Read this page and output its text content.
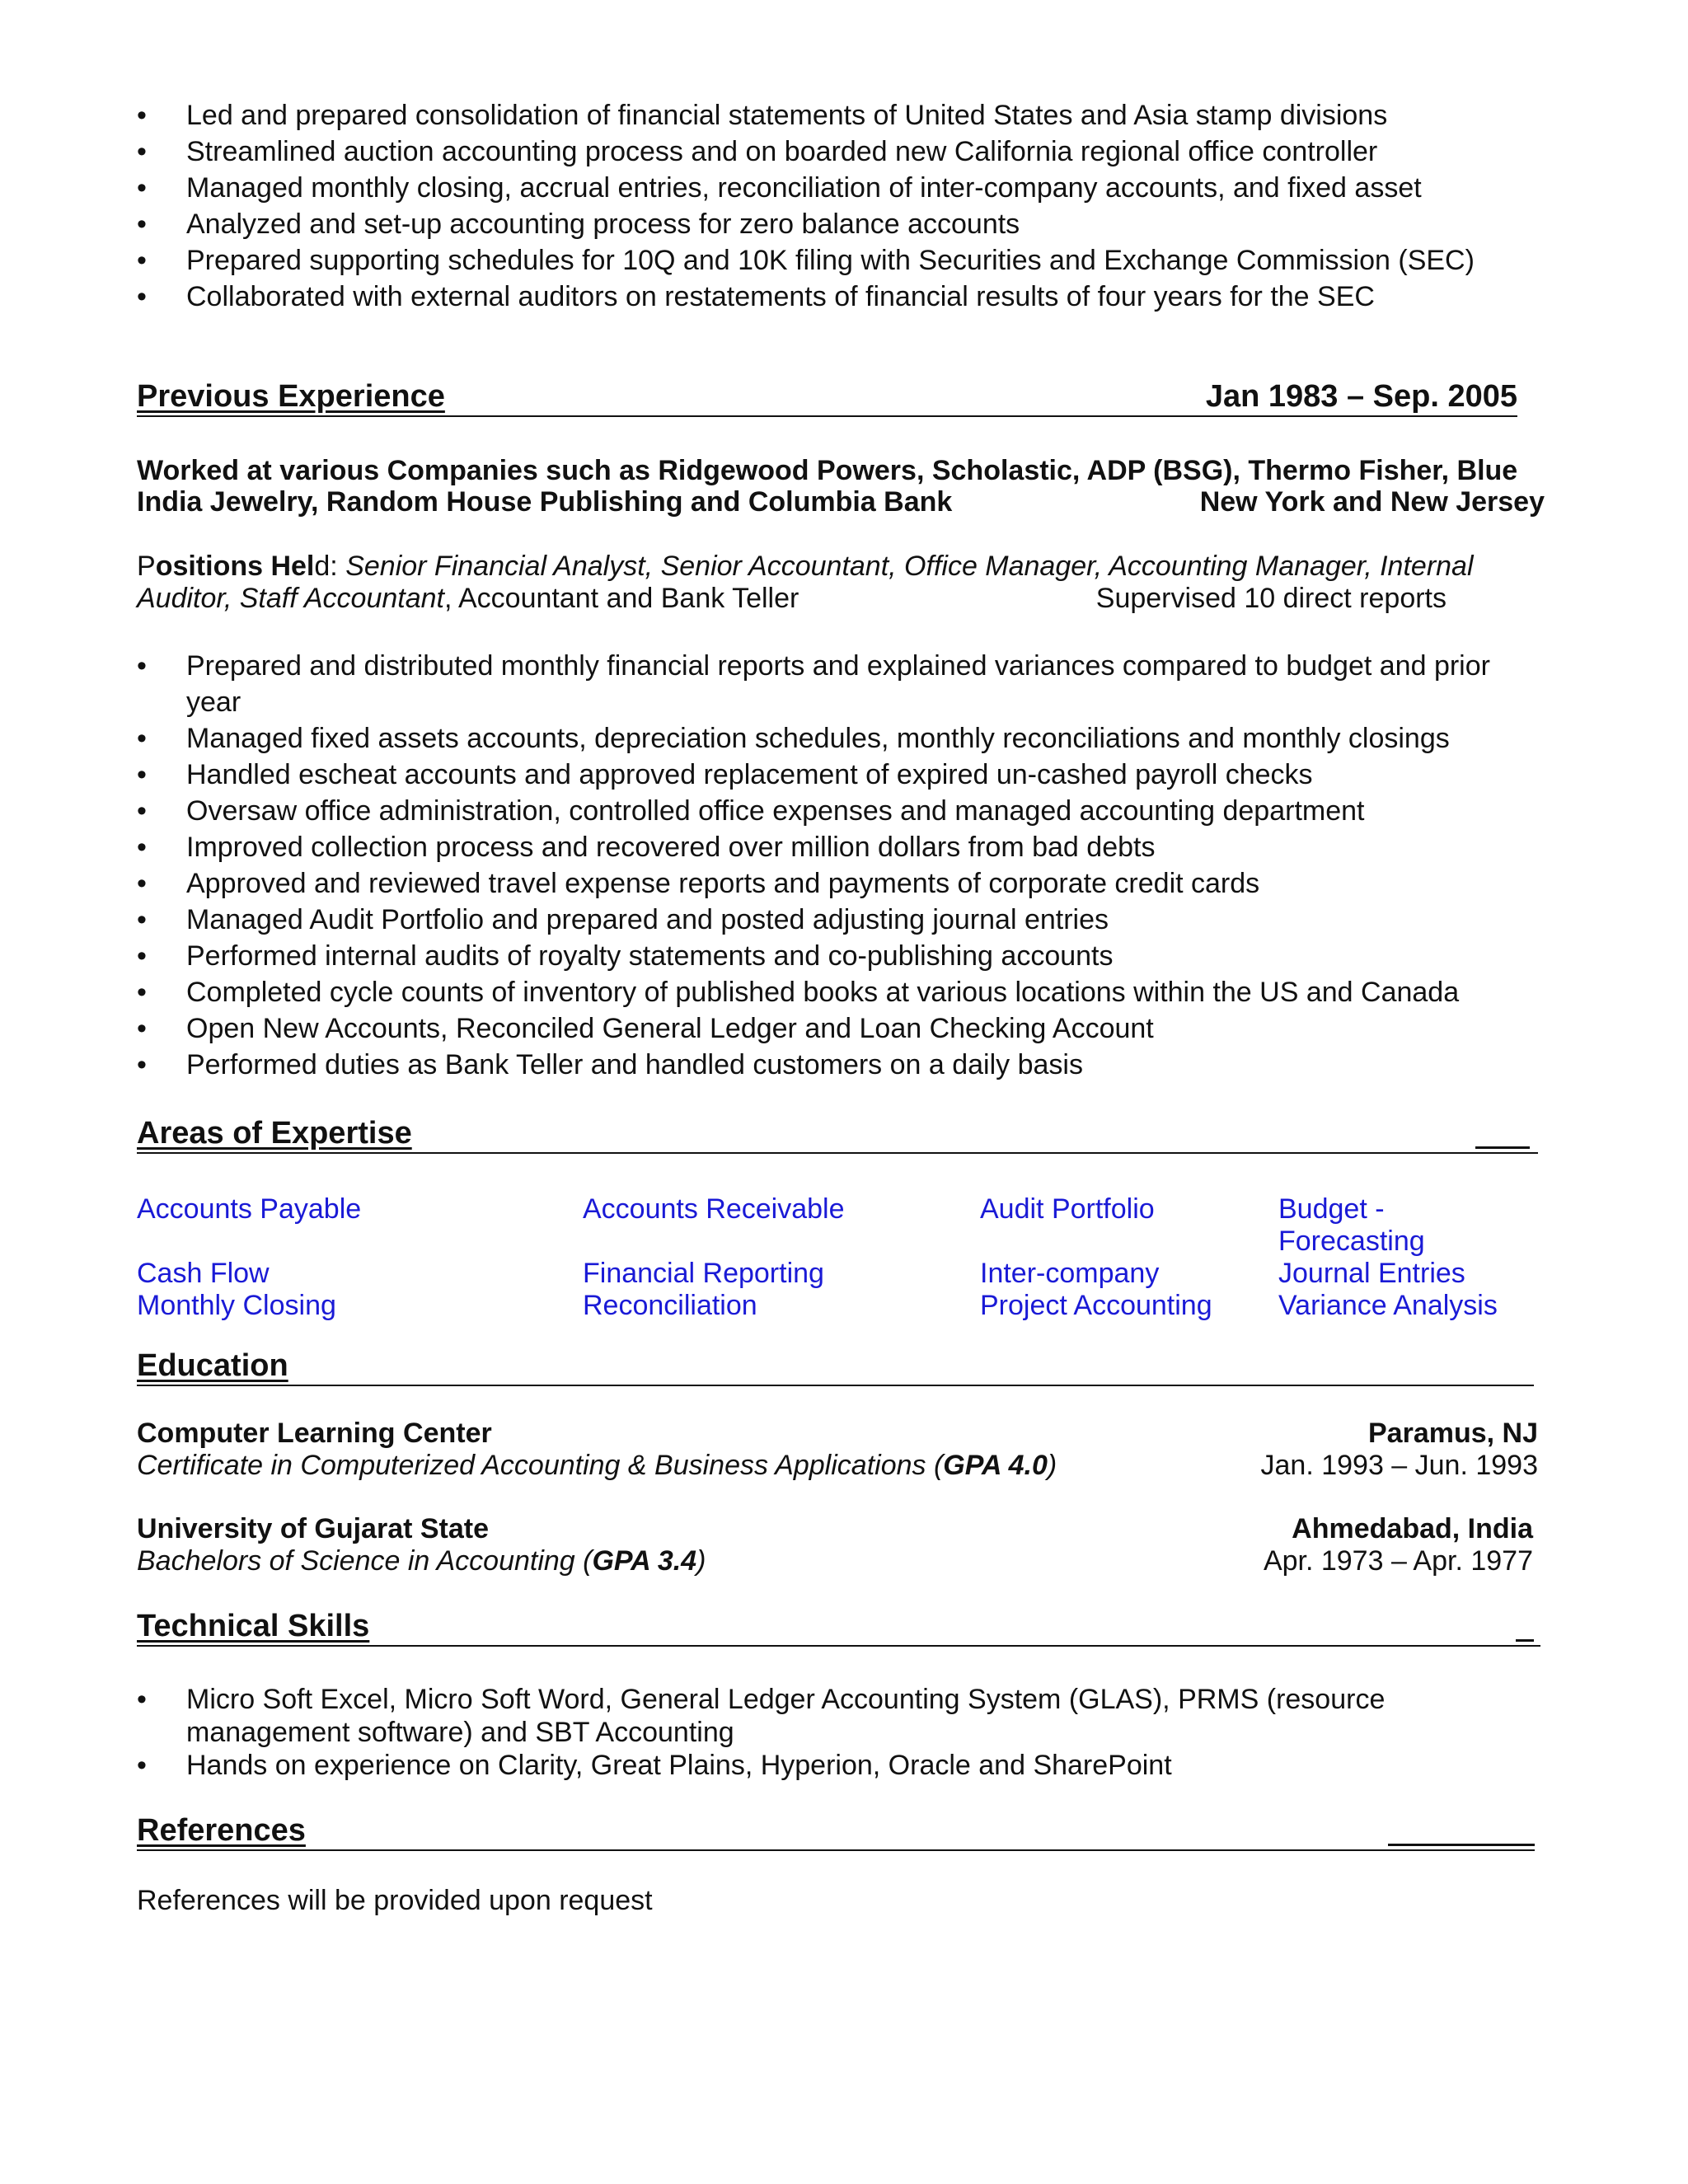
• Led and prepared consolidation of financial statements of United States and Asia stamp divisions
• Streamlined auction accounting process and on boarded new California regional office controller
• Managed monthly closing, accrual entries, reconciliation of inter-company accounts, and fixed asset
• Analyzed and set-up accounting process for zero balance accounts
• Prepared supporting schedules for 10Q and 10K filing with Securities and Exchange Commission (SEC)
• Collaborated with external auditors on restatements of financial results of four years for the SEC
Previous Experience	Jan 1983 – Sep. 2005
Worked at various Companies such as Ridgewood Powers, Scholastic, ADP (BSG), Thermo Fisher, Blue
India Jewelry, Random House Publishing and Columbia Bank	New York and New Jersey
Positions Held: Senior Financial Analyst, Senior Accountant, Office Manager, Accounting Manager, Internal
Auditor, Staff Accountant, Accountant and Bank Teller	Supervised 10 direct reports
• Prepared and distributed monthly financial reports and explained variances compared to budget and prior year
• Managed fixed assets accounts, depreciation schedules, monthly reconciliations and monthly closings
• Handled escheat accounts and approved replacement of expired un-cashed payroll checks
• Oversaw office administration, controlled office expenses and managed accounting department
• Improved collection process and recovered over million dollars from bad debts
• Approved and reviewed travel expense reports and payments of corporate credit cards
• Managed Audit Portfolio and prepared and posted adjusting journal entries
• Performed internal audits of royalty statements and co-publishing accounts
• Completed cycle counts of inventory of published books at various locations within the US and Canada
• Open New Accounts, Reconciled General Ledger and Loan Checking Account
• Performed duties as Bank Teller and handled customers on a daily basis
Areas of Expertise
Accounts Payable	Accounts Receivable	Audit Portfolio	Budget - Forecasting
Cash Flow	Financial Reporting	Inter-company	Journal Entries
Monthly Closing	Reconciliation	Project Accounting	Variance Analysis
Education
Computer Learning Center	Paramus, NJ
Certificate in Computerized Accounting & Business Applications (GPA 4.0)	Jan. 1993 – Jun. 1993
University of Gujarat State	Ahmedabad, India
Bachelors of Science in Accounting (GPA 3.4)	Apr. 1973 – Apr. 1977
Technical Skills
• Micro Soft Excel, Micro Soft Word, General Ledger Accounting System (GLAS), PRMS (resource management software) and SBT Accounting
• Hands on experience on Clarity, Great Plains, Hyperion, Oracle and SharePoint
References
References will be provided upon request
